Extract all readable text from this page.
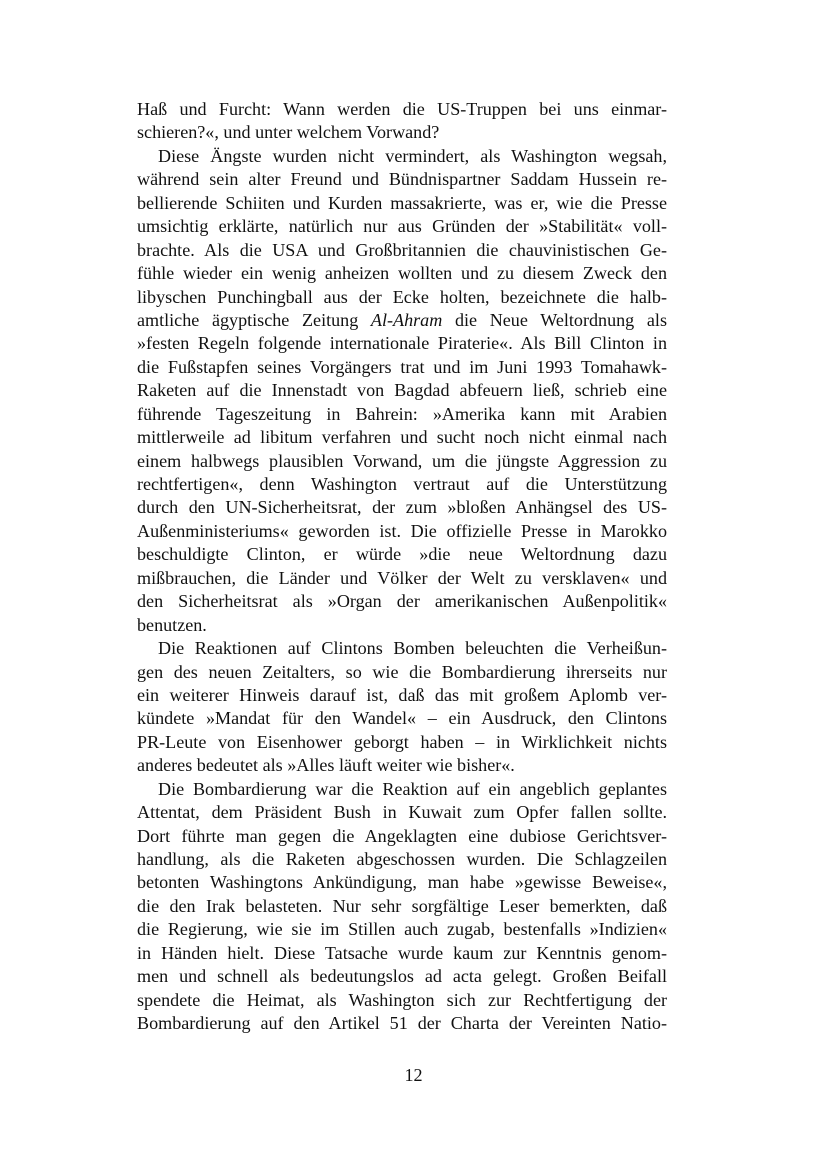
Haß und Furcht: Wann werden die US-Truppen bei uns einmar-
schieren?«, und unter welchem Vorwand?
Diese Ängste wurden nicht vermindert, als Washington wegsah,
während sein alter Freund und Bündnispartner Saddam Hussein re-
bellierende Schiiten und Kurden massakrierte, was er, wie die Presse
umsichtig erklärte, natürlich nur aus Gründen der »Stabilität« voll-
brachte. Als die USA und Großbritannien die chauvinistischen Ge-
fühle wieder ein wenig anheizen wollten und zu diesem Zweck den
libyschen Punchingball aus der Ecke holten, bezeichnete die halb-
amtliche ägyptische Zeitung Al-Ahram die Neue Weltordnung als
»festen Regeln folgende internationale Piraterie«. Als Bill Clinton in
die Fußstapfen seines Vorgängers trat und im Juni 1993 Tomahawk-
Raketen auf die Innenstadt von Bagdad abfeuern ließ, schrieb eine
führende Tageszeitung in Bahrein: »Amerika kann mit Arabien
mittlerweile ad libitum verfahren und sucht noch nicht einmal nach
einem halbwegs plausiblen Vorwand, um die jüngste Aggression zu
rechtfertigen«, denn Washington vertraut auf die Unterstützung
durch den UN-Sicherheitsrat, der zum »bloßen Anhängsel des US-
Außenministeriums« geworden ist. Die offizielle Presse in Marokko
beschuldigte Clinton, er würde »die neue Weltordnung dazu
mißbrauchen, die Länder und Völker der Welt zu versklaven« und
den Sicherheitsrat als »Organ der amerikanischen Außenpolitik«
benutzen.
Die Reaktionen auf Clintons Bomben beleuchten die Verheißun-
gen des neuen Zeitalters, so wie die Bombardierung ihrerseits nur
ein weiterer Hinweis darauf ist, daß das mit großem Aplomb ver-
kündete »Mandat für den Wandel« – ein Ausdruck, den Clintons
PR-Leute von Eisenhower geborgt haben – in Wirklichkeit nichts
anderes bedeutet als »Alles läuft weiter wie bisher«.
Die Bombardierung war die Reaktion auf ein angeblich geplantes
Attentat, dem Präsident Bush in Kuwait zum Opfer fallen sollte.
Dort führte man gegen die Angeklagten eine dubiose Gerichtsver-
handlung, als die Raketen abgeschossen wurden. Die Schlagzeilen
betonten Washingtons Ankündigung, man habe »gewisse Beweise«,
die den Irak belasteten. Nur sehr sorgfältige Leser bemerkten, daß
die Regierung, wie sie im Stillen auch zugab, bestenfalls »Indizien«
in Händen hielt. Diese Tatsache wurde kaum zur Kenntnis genom-
men und schnell als bedeutungslos ad acta gelegt. Großen Beifall
spendete die Heimat, als Washington sich zur Rechtfertigung der
Bombardierung auf den Artikel 51 der Charta der Vereinten Natio-
12
